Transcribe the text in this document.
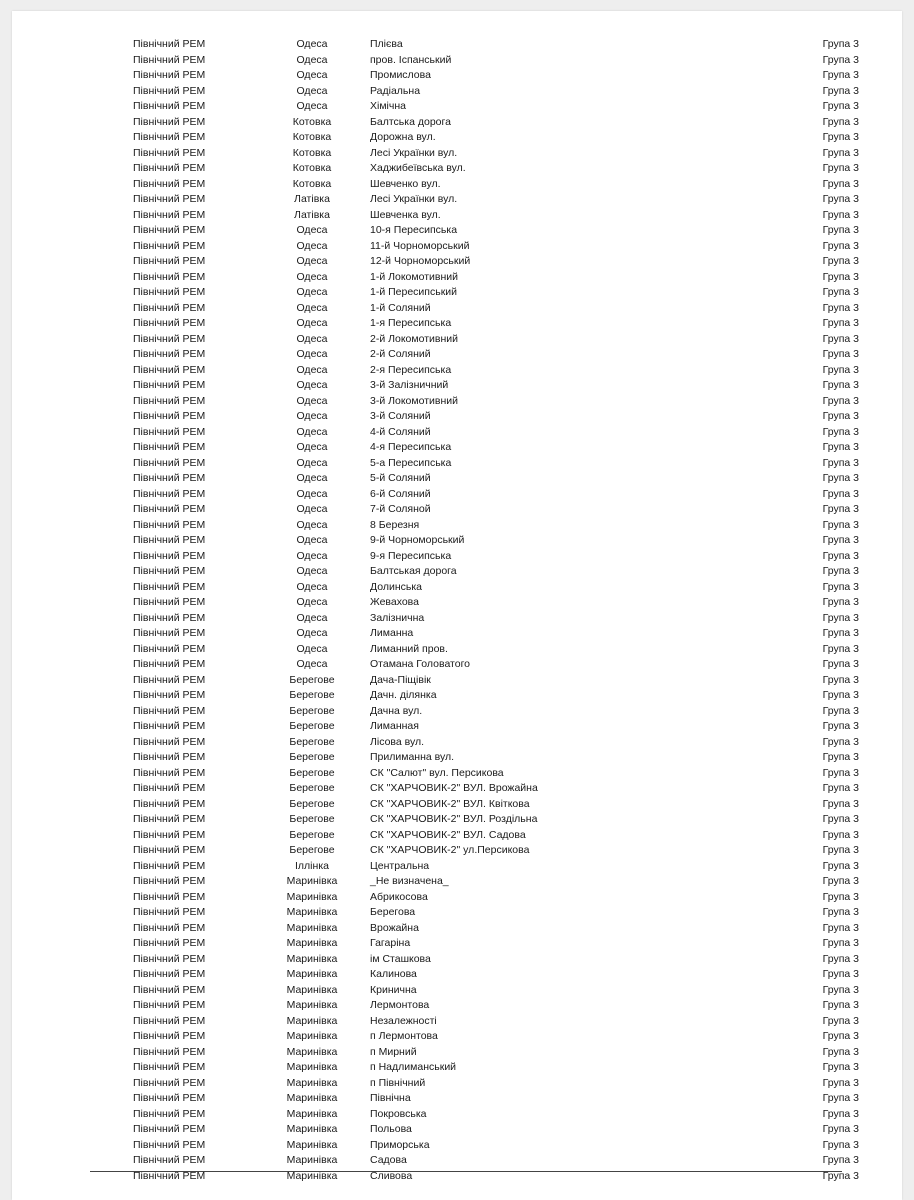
Північний РЕМ	Одеса	Плієва	Група 3
Північний РЕМ	Одеса	пров. Іспанський	Група 3
Північний РЕМ	Одеса	Промислова	Група 3
Північний РЕМ	Одеса	Радіальна	Група 3
Північний РЕМ	Одеса	Хімічна	Група 3
Північний РЕМ	Котовка	Балтська дорога	Група 3
Північний РЕМ	Котовка	Дорожна вул.	Група 3
Північний РЕМ	Котовка	Лесі Українки вул.	Група 3
Північний РЕМ	Котовка	Хаджибеївська вул.	Група 3
Північний РЕМ	Котовка	Шевченко вул.	Група 3
Північний РЕМ	Латівка	Лесі Українки вул.	Група 3
Північний РЕМ	Латівка	Шевченка вул.	Група 3
Північний РЕМ	Одеса	10-я Пересипська	Група 3
Північний РЕМ	Одеса	11-й Чорноморський	Група 3
Північний РЕМ	Одеса	12-й Чорноморський	Група 3
Північний РЕМ	Одеса	1-й Локомотивний	Група 3
Північний РЕМ	Одеса	1-й Пересипський	Група 3
Північний РЕМ	Одеса	1-й Соляний	Група 3
Північний РЕМ	Одеса	1-я Пересипська	Група 3
Північний РЕМ	Одеса	2-й Локомотивний	Група 3
Північний РЕМ	Одеса	2-й Соляний	Група 3
Північний РЕМ	Одеса	2-я Пересипська	Група 3
Північний РЕМ	Одеса	3-й Залізничний	Група 3
Північний РЕМ	Одеса	3-й Локомотивний	Група 3
Північний РЕМ	Одеса	3-й Соляний	Група 3
Північний РЕМ	Одеса	4-й Соляний	Група 3
Північний РЕМ	Одеса	4-я Пересипська	Група 3
Північний РЕМ	Одеса	5-а Пересипська	Група 3
Північний РЕМ	Одеса	5-й Соляний	Група 3
Північний РЕМ	Одеса	6-й Соляний	Група 3
Північний РЕМ	Одеса	7-й Соляной	Група 3
Північний РЕМ	Одеса	8 Березня	Група 3
Північний РЕМ	Одеса	9-й Чорноморський	Група 3
Північний РЕМ	Одеса	9-я Пересипська	Група 3
Північний РЕМ	Одеса	Балтськая дорога	Група 3
Північний РЕМ	Одеса	Долинська	Група 3
Північний РЕМ	Одеса	Жевахова	Група 3
Північний РЕМ	Одеса	Залізнична	Група 3
Північний РЕМ	Одеса	Лиманна	Група 3
Північний РЕМ	Одеса	Лиманний пров.	Група 3
Північний РЕМ	Одеса	Отамана Головатого	Група 3
Північний РЕМ	Берегове	Дача-Піщівік	Група 3
Північний РЕМ	Берегове	Дачн. ділянка	Група 3
Північний РЕМ	Берегове	Дачна вул.	Група 3
Північний РЕМ	Берегове	Лиманная	Група 3
Північний РЕМ	Берегове	Лісова вул.	Група 3
Північний РЕМ	Берегове	Прилиманна вул.	Група 3
Північний РЕМ	Берегове	СК "Салют" вул. Персикова	Група 3
Північний РЕМ	Берегове	СК "ХАРЧОВИК-2" ВУЛ. Врожайна	Група 3
Північний РЕМ	Берегове	СК "ХАРЧОВИК-2" ВУЛ. Квіткова	Група 3
Північний РЕМ	Берегове	СК "ХАРЧОВИК-2" ВУЛ. Роздільна	Група 3
Північний РЕМ	Берегове	СК "ХАРЧОВИК-2" ВУЛ. Садова	Група 3
Північний РЕМ	Берегове	СК "ХАРЧОВИК-2" ул.Персикова	Група 3
Північний РЕМ	Іллінка	Центральна	Група 3
Північний РЕМ	Маринівка	_Не визначена_	Група 3
Північний РЕМ	Маринівка	Абрикосова	Група 3
Північний РЕМ	Маринівка	Берегова	Група 3
Північний РЕМ	Маринівка	Врожайна	Група 3
Північний РЕМ	Маринівка	Гагаріна	Група 3
Північний РЕМ	Маринівка	ім Сташкова	Група 3
Північний РЕМ	Маринівка	Калинова	Група 3
Північний РЕМ	Маринівка	Кринична	Група 3
Північний РЕМ	Маринівка	Лермонтова	Група 3
Північний РЕМ	Маринівка	Незалежності	Група 3
Північний РЕМ	Маринівка	п Лермонтова	Група 3
Північний РЕМ	Маринівка	п Мирний	Група 3
Північний РЕМ	Маринівка	п Надлиманський	Група 3
Північний РЕМ	Маринівка	п Північний	Група 3
Північний РЕМ	Маринівка	Північна	Група 3
Північний РЕМ	Маринівка	Покровська	Група 3
Північний РЕМ	Маринівка	Польова	Група 3
Північний РЕМ	Маринівка	Приморська	Група 3
Північний РЕМ	Маринівка	Садова	Група 3
Північний РЕМ	Маринівка	Сливова	Група 3
